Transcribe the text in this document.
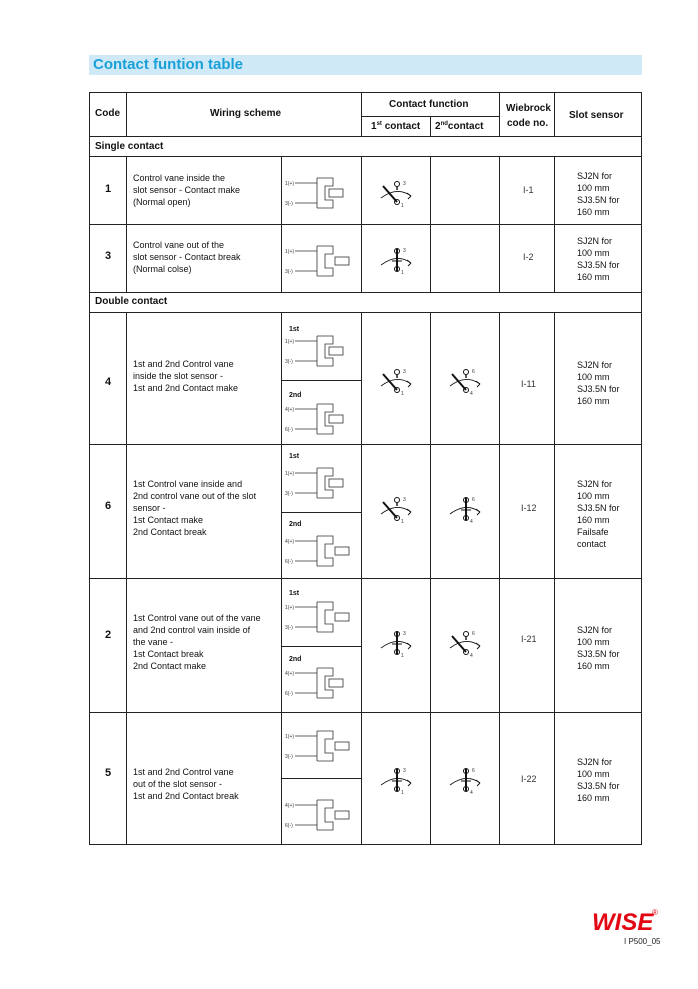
Contact funtion table
Code	Wiring scheme
Contact function
1st contact 2ndcontact
Wiebrock
code no.
Slot sensor
Single contact
Double contact
1
Control vane inside the
slot sensor - Contact make
(Normal open)
I-1
SJ2N for
100 mm
SJ3.5N for
160 mm
3
Control vane out of the
slot sensor - Contact break
(Normal colse)
I-2
SJ2N for
100 mm
SJ3.5N for
160 mm
4
1st and 2nd Control vane
inside the slot sensor -
1st and 2nd Contact make	I-11
SJ2N for
100 mm
SJ3.5N for
160 mm
6
1st Control vane inside and
2nd control vane out of the slot
sensor -
1st Contact make
2nd Contact break
I-12
SJ2N for
100 mm
SJ3.5N for
160 mm
Failsafe
contact
2
1st Control vane out of the vane
and 2nd control vain inside of
the vane -
1st Contact break
2nd Contact make
I-21
SJ2N for
100 mm
SJ3.5N for
160 mm
5 1st and 2nd Control vane
out of the slot sensor -
1st and 2nd Contact break
I-22
SJ2N for
100 mm
SJ3.5N for
160 mm
1(+)
3(-)
1(+)
3(-)
1(+)
3(-)
4(+)
6(-)
1(+)
3(-)
4(+)
6(-)
1(+)
3(-)
4(+)
6(-)
1(+)
3(-)
4(+)
6(-)
3
1
3
1
3
1
6
4
3
1
6
4
3
1
6
4
3
1
6
4
1st
2nd
1st
2nd
1st
2nd
WISE
®
I P500_05
